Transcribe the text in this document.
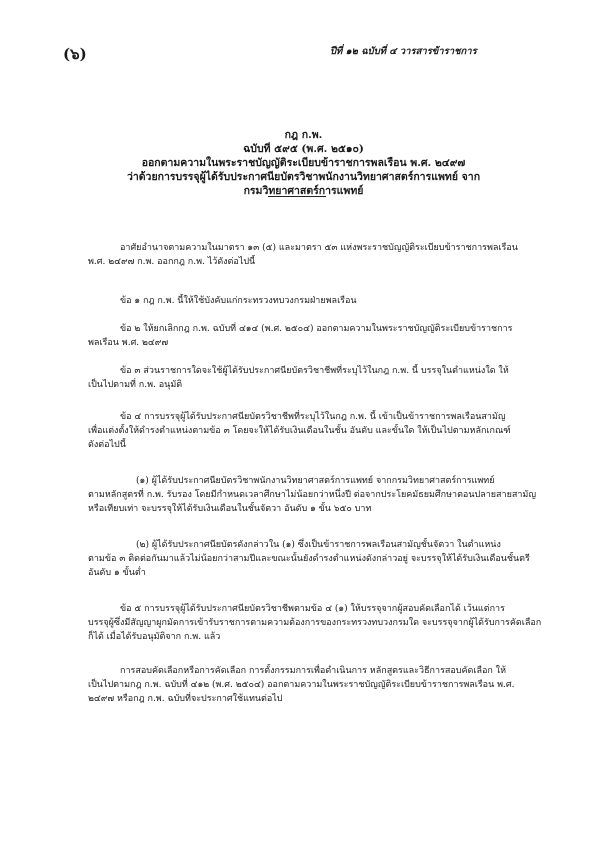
(๖)	ปีที่ ๑๒ ฉบับที่ ๔ วารสารข้าราชการ
กฎ ก.พ.
ฉบับที่ ๕๙๕ (พ.ศ. ๒๕๑๐)
ออกตามความในพระราชบัญญัติระเบียบข้าราชการพลเรือน พ.ศ. ๒๔๙๗
ว่าด้วยการบรรจุผู้ได้รับประกาศนียบัตรวิชาพนักงานวิทยาศาสตร์การแพทย์ จาก
กรมวิทยาศาสตร์การแพทย์
อาศัยอำนาจตามความในมาตรา ๑๓ (๕) และมาตรา ๕๓ แห่งพระราชบัญญัติระเบียบข้าราชการพลเรือน
พ.ศ. ๒๔๙๗ ก.พ. ออกกฎ ก.พ. ไว้ดังต่อไปนี้
ข้อ ๑ กฎ ก.พ. นี้ให้ใช้บังคับแก่กระทรวงทบวงกรมฝ่ายพลเรือน
ข้อ ๒ ให้ยกเลิกกฎ ก.พ. ฉบับที่ ๔๑๔ (พ.ศ. ๒๕๐๔) ออกตามความในพระราชบัญญัติระเบียบข้าราชการ
พลเรือน พ.ศ. ๒๔๙๗
ข้อ ๓ ส่วนราชการใดจะใช้ผู้ได้รับประกาศนียบัตรวิชาชีพที่ระบุไว้ในกฎ ก.พ. นี้ บรรจุในตำแหน่งใด ให้
เป็นไปตามที่ ก.พ. อนุมัติ
ข้อ ๔ การบรรจุผู้ได้รับประกาศนียบัตรวิชาชีพที่ระบุไว้ในกฎ ก.พ. นี้ เข้าเป็นข้าราชการพลเรือนสามัญ
เพื่อแต่งตั้งให้ดำรงตำแหน่งตามข้อ ๓ โดยจะให้ได้รับเงินเดือนในชั้น อันดับ และขั้นใด ให้เป็นไปตามหลักเกณฑ์
ดังต่อไปนี้
(๑) ผู้ได้รับประกาศนียบัตรวิชาพนักงานวิทยาศาสตร์การแพทย์ จากกรมวิทยาศาสตร์การแพทย์
ตามหลักสูตรที่ ก.พ. รับรอง โดยมีกำหนดเวลาศึกษาไม่น้อยกว่าหนึ่งปี ต่อจากประโยคมัธยมศึกษาตอนปลายสายสามัญ
หรือเทียบเท่า จะบรรจุให้ได้รับเงินเดือนในชั้นจัตวา อันดับ ๑ ขั้น ๖๕๐ บาท
(๒) ผู้ได้รับประกาศนียบัตรดังกล่าวใน (๑) ซึ่งเป็นข้าราชการพลเรือนสามัญชั้นจัตวา ในตำแหน่ง
ตามข้อ ๓ ติดต่อกันมาแล้วไม่น้อยกว่าสามปีและขณะนั้นยังดำรงตำแหน่งดังกล่าวอยู่ จะบรรจุให้ได้รับเงินเดือนชั้นตรี
อันดับ ๑ ขั้นต่ำ
ข้อ ๕ การบรรจุผู้ได้รับประกาศนียบัตรวิชาชีพตามข้อ ๔ (๑) ให้บรรจุจากผู้สอบคัดเลือกได้ เว้นแต่การ
บรรจุผู้ซึ่งมีสัญญาผูกมัดการเข้ารับราชการตามความต้องการของกระทรวงทบวงกรมใด จะบรรจุจากผู้ได้รับการคัดเลือก
ก็ได้ เมื่อได้รับอนุมัติจาก ก.พ. แล้ว
การสอบคัดเลือกหรือการคัดเลือก การตั้งกรรมการเพื่อดำเนินการ หลักสูตรและวิธีการสอบคัดเลือก ให้
เป็นไปตามกฎ ก.พ. ฉบับที่ ๔๑๒ (พ.ศ. ๒๕๐๔) ออกตามความในพระราชบัญญัติระเบียบข้าราชการพลเรือน พ.ศ.
๒๔๙๗ หรือกฎ ก.พ. ฉบับที่จะประกาศใช้แทนต่อไป
